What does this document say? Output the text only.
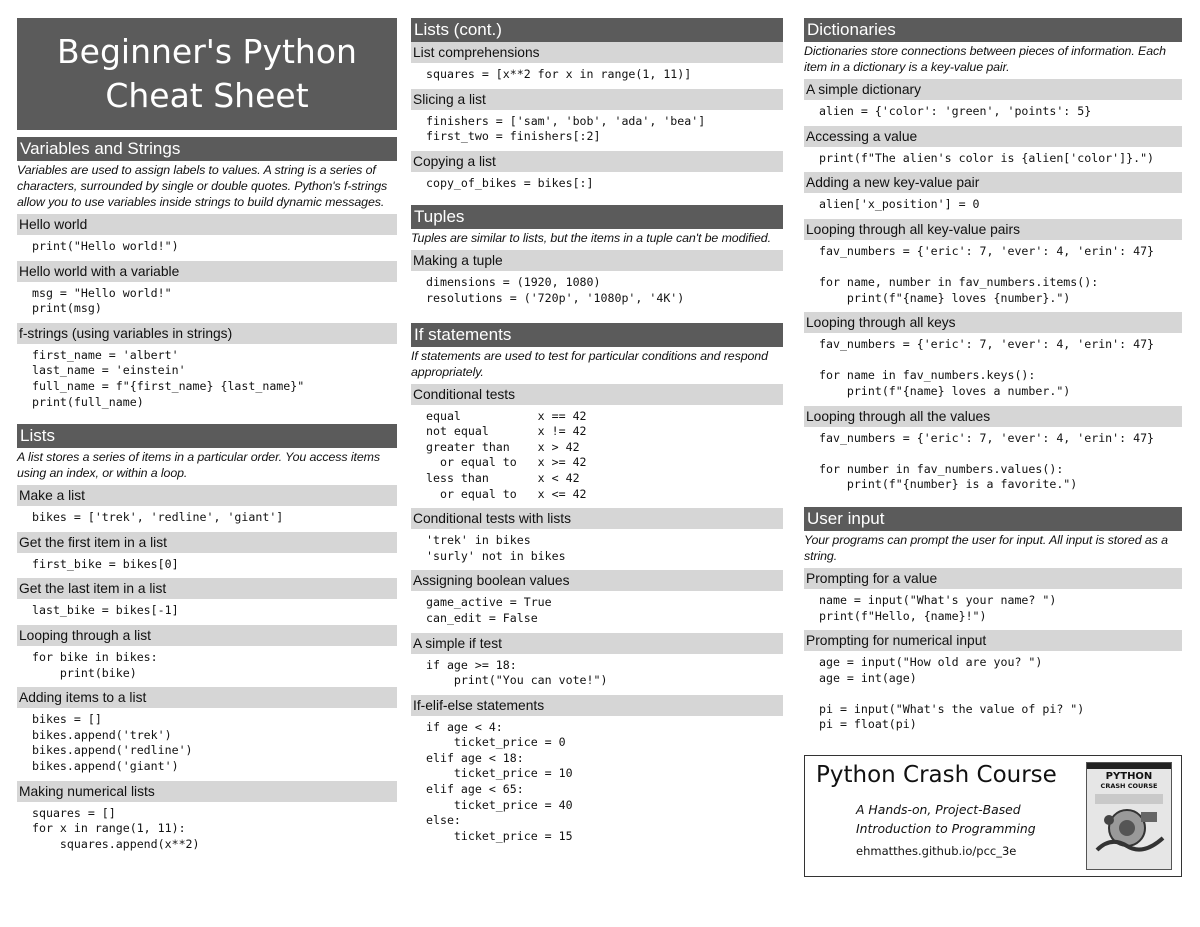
Beginner's Python
Cheat Sheet
Variables and Strings
Variables are used to assign labels to values. A string is a series of characters, surrounded by single or double quotes. Python's f-strings allow you to use variables inside strings to build dynamic messages.
Hello world
print("Hello world!")
Hello world with a variable
msg = "Hello world!"
print(msg)
f-strings (using variables in strings)
first_name = 'albert'
last_name = 'einstein'
full_name = f"{first_name} {last_name}"
print(full_name)
Lists
A list stores a series of items in a particular order. You access items using an index, or within a loop.
Make a list
bikes = ['trek', 'redline', 'giant']
Get the first item in a list
first_bike = bikes[0]
Get the last item in a list
last_bike = bikes[-1]
Looping through a list
for bike in bikes:
print(bike)
Adding items to a list
bikes = []
bikes.append('trek')
bikes.append('redline')
bikes.append('giant')
Making numerical lists
squares = []
for x in range(1, 11):
squares.append(x**2)
Lists (cont.)
List comprehensions
squares = [x**2 for x in range(1, 11)]
Slicing a list
finishers = ['sam', 'bob', 'ada', 'bea']
first_two = finishers[:2]
Copying a list
copy_of_bikes = bikes[:]
Tuples
Tuples are similar to lists, but the items in a tuple can't be modified.
Making a tuple
dimensions = (1920, 1080)
resolutions = ('720p', '1080p', '4K')
If statements
If statements are used to test for particular conditions and respond appropriately.
Conditional tests
equal           x == 42
not equal       x != 42
greater than    x > 42
or equal to   x >= 42
less than       x < 42
or equal to   x <= 42
Conditional tests with lists
'trek' in bikes
'surly' not in bikes
Assigning boolean values
game_active = True
can_edit = False
A simple if test
if age >= 18:
print("You can vote!")
If-elif-else statements
if age < 4:
ticket_price = 0
elif age < 18:
ticket_price = 10
elif age < 65:
ticket_price = 40
else:
ticket_price = 15
Dictionaries
Dictionaries store connections between pieces of information. Each item in a dictionary is a key-value pair.
A simple dictionary
alien = {'color': 'green', 'points': 5}
Accessing a value
print(f"The alien's color is {alien['color']}.")
Adding a new key-value pair
alien['x_position'] = 0
Looping through all key-value pairs
fav_numbers = {'eric': 7, 'ever': 4, 'erin': 47}

for name, number in fav_numbers.items():
print(f"{name} loves {number}.")
Looping through all keys
fav_numbers = {'eric': 7, 'ever': 4, 'erin': 47}

for name in fav_numbers.keys():
print(f"{name} loves a number.")
Looping through all the values
fav_numbers = {'eric': 7, 'ever': 4, 'erin': 47}

for number in fav_numbers.values():
print(f"{number} is a favorite.")
User input
Your programs can prompt the user for input. All input is stored as a string.
Prompting for a value
name = input("What's your name? ")
print(f"Hello, {name}!")
Prompting for numerical input
age = input("How old are you? ")
age = int(age)

pi = input("What's the value of pi? ")
pi = float(pi)
Python Crash Course
A Hands-on, Project-Based
Introduction to Programming
ehmatthes.github.io/pcc_3e
PYTHON
CRASH COURSE
